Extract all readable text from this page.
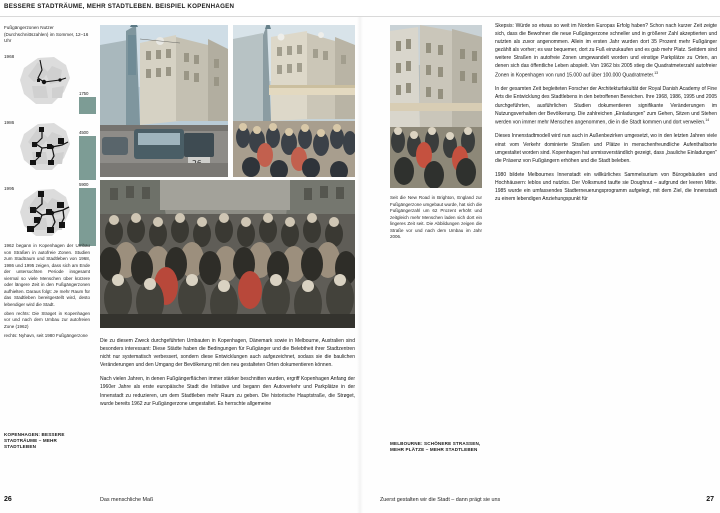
BESSERE STADTRÄUME, MEHR STADTLEBEN. BEISPIEL KOPENHAGEN
Fußgängerzonen Nutzer (Durchschnittszahlen) im Sommer, 12–16 Uhr
1968
1750
1986
4500
1995
5900

1962 begann in Kopenhagen der Umbau von Straßen in autofreie Zonen. Studien zum Stadtraum und Stadtleben von 1968, 1986 und 1995 zeigen, dass sich am Ende der untersuchten Periode insgesamt viermal so viele Menschen über kürzere oder längere Zeit in den Fußgängerzonen aufhielten. Daraus folgt: Je mehr Raum für das Stadtleben bereitgestellt wird, desto lebendiger wird die Stadt.

oben rechts: Die Strøget in Kopenhagen vor und nach dem Umbau zur autofreien Zone (1962)

rechts: Nyhavn, seit 1980 Fußgängerzone

KOPENHAGEN: BESSERE STADTRÄUME – MEHR STADTLEBEN

Die zu diesem Zweck durchgeführten Umbauten in Kopenhagen, Dänemark sowie in Melbourne, Australien sind besonders interessant: Diese Städte haben die Bedingungen für Fußgänger und die Belebtheit ihrer Stadtzentren nicht nur systematisch verbessert, sondern diese Entwicklungen auch aufgezeichnet, sodass sie die baulichen Veränderungen und den Umgang der Bevölkerung mit den neu gestalteten Orten dokumentieren können.

Nach vielen Jahren, in denen Fußgängerflächen immer stärker beschnitten wurden, ergriff Kopenhagen Anfang der 1960er Jahre als erste europäische Stadt die Initiative und begann den Autoverkehr und Parkplätze in der Innenstadt zu reduzieren, um dem Stadtleben mehr Raum zu geben. Die historische Hauptstraße, die Strøget, wurde bereits 1962 zur Fußgängerzone umgestaltet. Es herrschte allgemeine

26	Das menschliche Maß
Seit die New Road in Brighton, England zur Fußgängerzone umgebaut wurde, hat sich die Fußgängerzahl um 62 Prozent erhöht und zeitgleich mehr Menschen laden sich dort ein lingeres Zeit seit. Die Abbildungen zeigen die Straße vor und nach dem Umbau im Jahr 2006.
MELBOURNE: SCHÖNERE STRASSEN, MEHR PLÄTZE – MEHR STADTLEBEN

Skepsis: Würde so etwas so weit im Norden Europas Erfolg haben? Schon nach kurzer Zeit zeigte sich, dass die Bewohner die neue Fußgängerzone schneller und in größerer Zahl akzeptierten und nutzten als zuvor angenommen. Allein im ersten Jahr wurden dort 35 Prozent mehr Fußgänger gezählt als vorher; es war bequemer, dort zu Fuß einzukaufen und es gab mehr Platz. Seitdem sind weitere Straßen in autofreie Zonen umgewandelt worden und einstige Parkplätze zu Orten, an denen sich das öffentliche Leben abspielt. Von 1962 bis 2005 stieg die Quadratmeterzahl autofreier Zonen in Kopenhagen von rund 15.000 auf über 100.000 Quadratmeter.$^{13}$

In der gesamten Zeit begleiteten Forscher der Architekturfakultät der Royal Danish Academy of Fine Arts die Entwicklung des Stadtlebens in den betroffenen Bereichen. Ihre 1968, 1986, 1995 und 2005 durchgeführten, ausführlichen Studien dokumentieren signifikante Veränderungen im Nutzungsverhalten der Bevölkerung. Die zahlreichen „Einladungen" zum Gehen, Sitzen und Stehen werden von immer mehr Menschen angenommen, die in die Stadt kommen und dort verweilen.$^{14}$

Dieses Innenstadtmodell wird nun auch in Außenbezirken umgesetzt, wo in den letzten Jahren viele einst vom Verkehr dominierte Straßen und Plätze in menschenfreundliche Aufenthaltsorte umgestaltet worden sind. Kopenhagen hat unmissverständlich gezeigt, dass „bauliche Einladungen" die Präsenz von Fußgängern erhöhen und die Stadt beleben.

1980 bildete Melbournes Innenstadt ein willkürliches Sammelsurium von Bürogebäuden und Hochhäusern: leblos und nutzlos. Der Volksmund taufte sie Doughnut – aufgrund der leeren Mitte. 1985 wurde ein umfassendes Stadterneuerungsprogramm aufgelegt, mit dem Ziel, die Innenstadt zu einem lebendigen Anziehungspunkt für

Zuerst gestalten wir die Stadt – dann prägt sie uns	27
